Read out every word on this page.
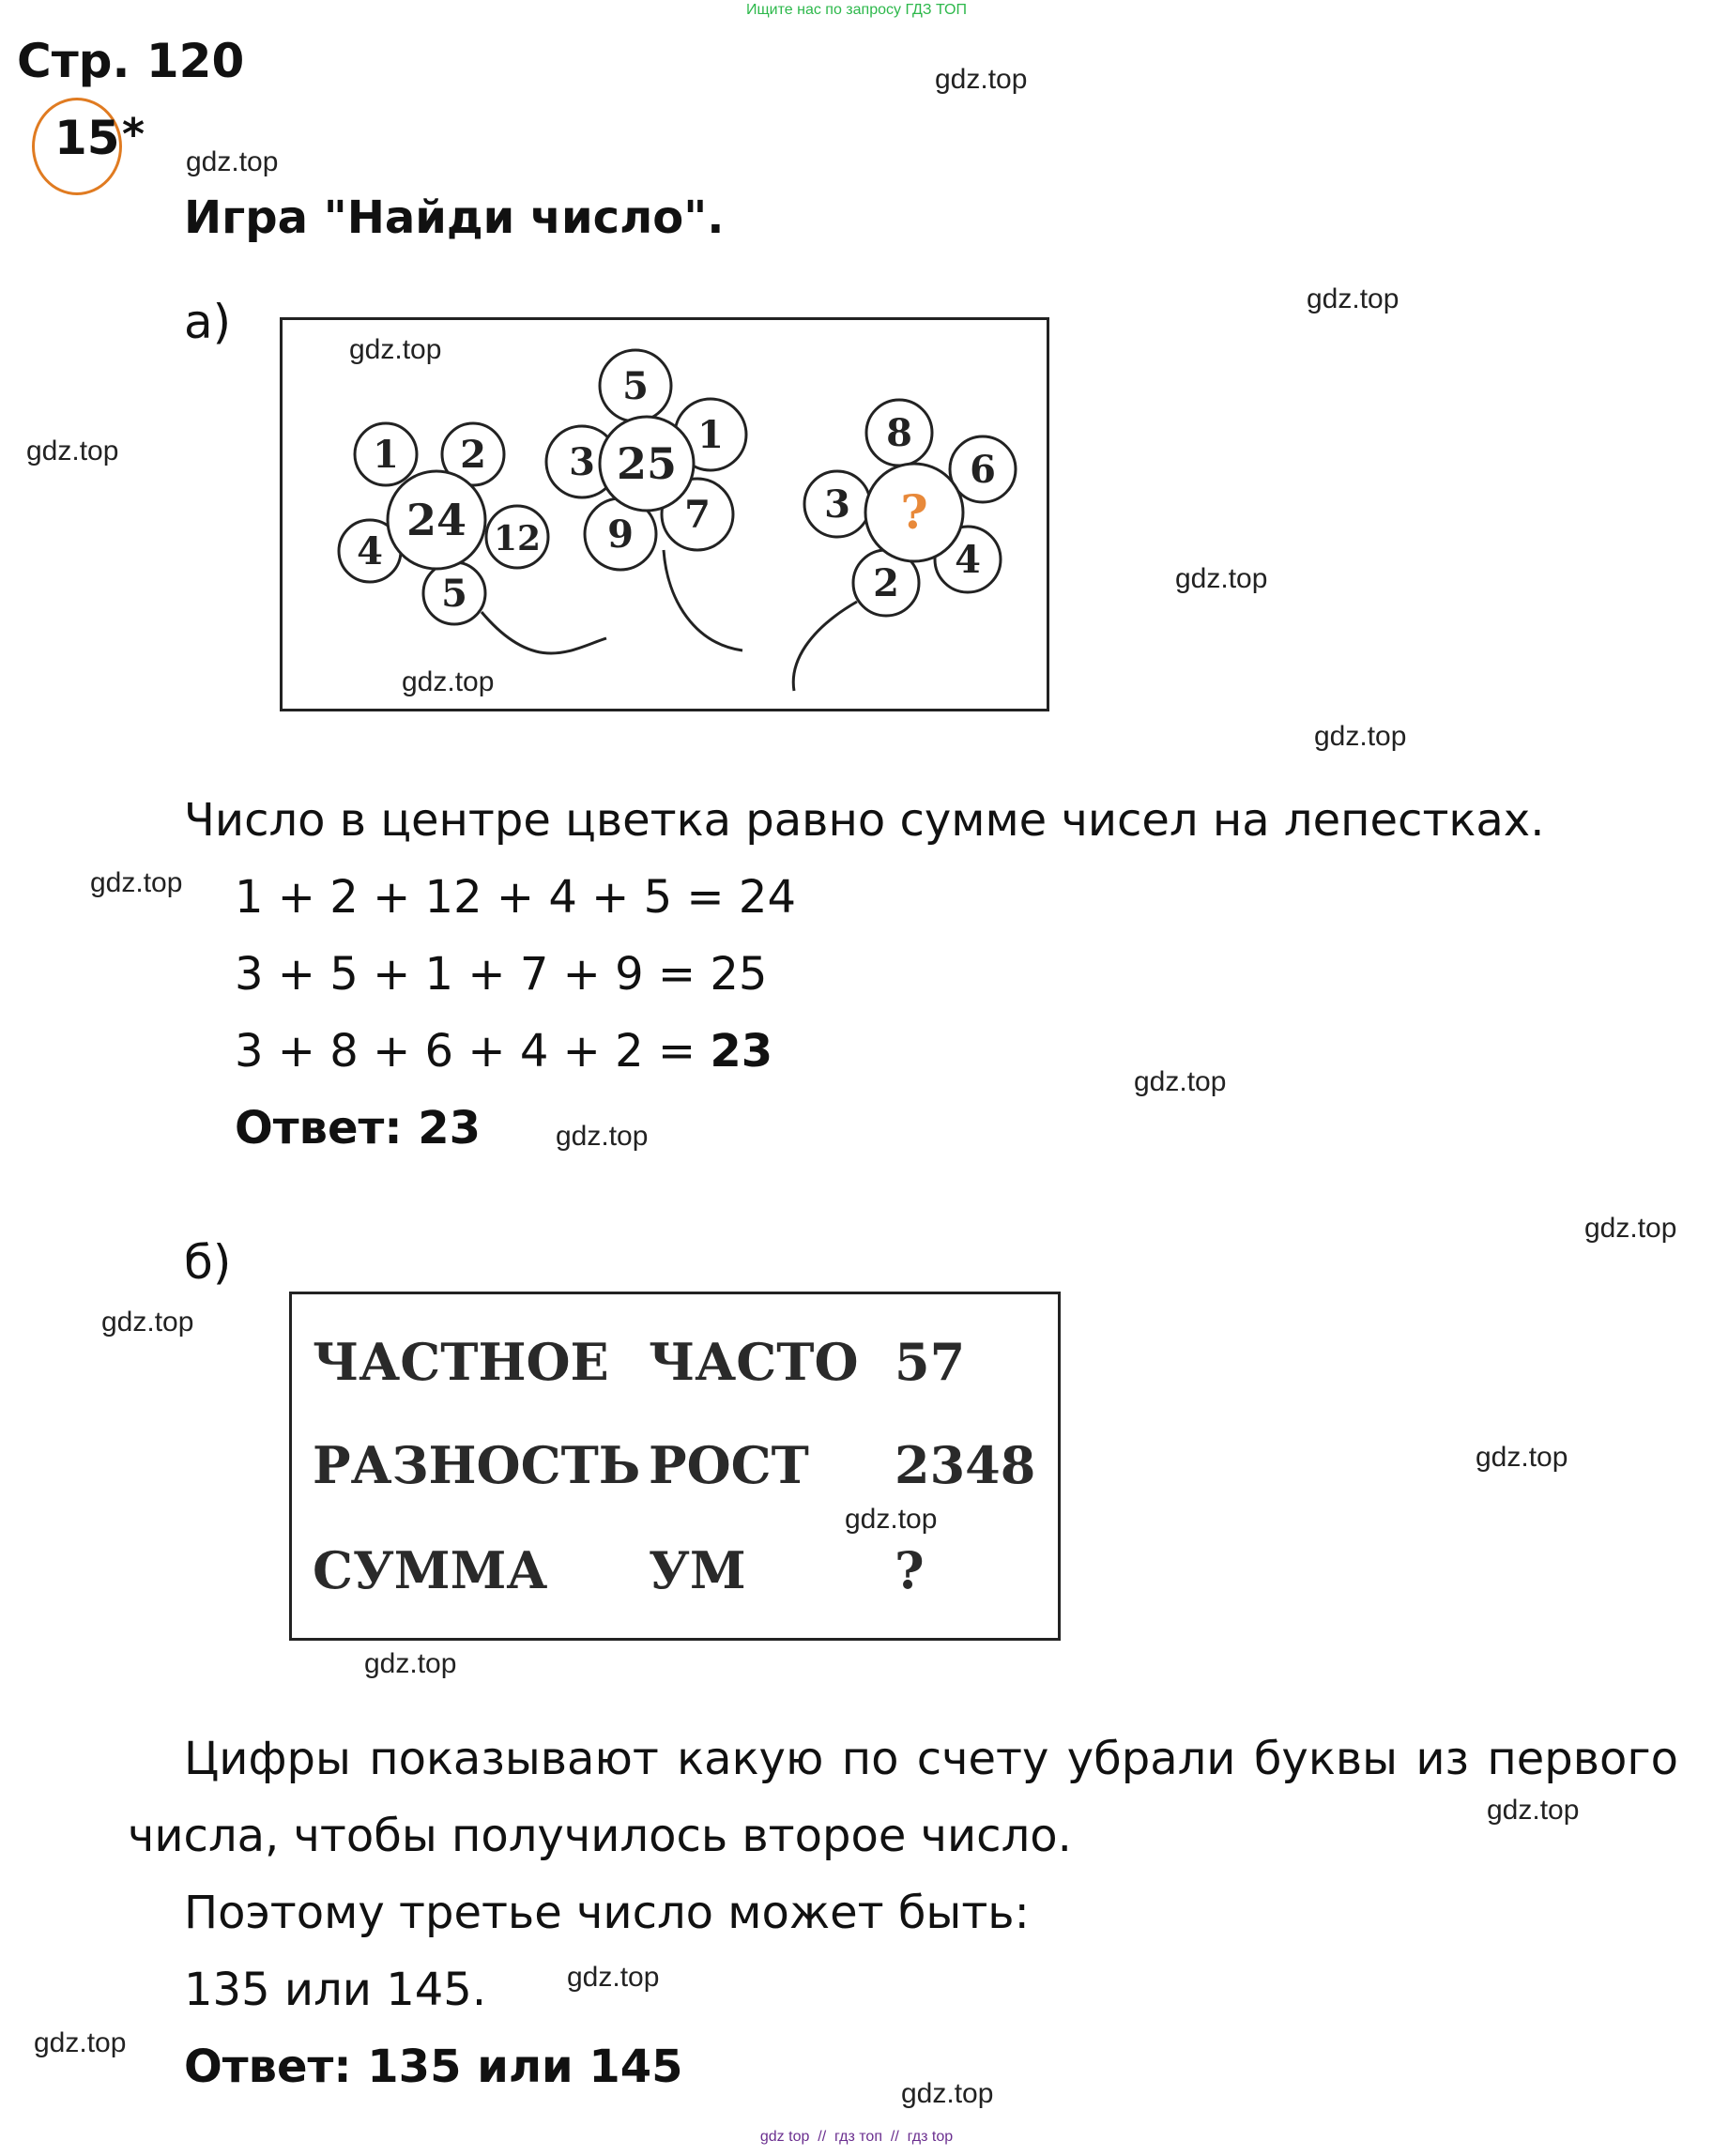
Ищите нас по запросу ГДЗ ТОП
Стр. 120
15 *
Игра "Найди число".
а)
1 2
12
5
4
24
5
1
7
9
3 25
8
6
4
2
3 ?
Число в центре цветка равно сумме чисел на лепестках.
1 + 2 + 12 + 4 + 5 = 24
3 + 5 + 1 + 7 + 9 = 25
3 + 8 + 6 + 4 + 2 = 23
Ответ: 23
б)
ЧАСТНОЕ ЧАСТО 57
РАЗНОСТЬ РОСТ 2348
СУММА УМ	?
Цифры показывают какую по счету убрали буквы из первого
числа, чтобы получилось второе число.
Поэтому третье число может быть:
135 или 145.
Ответ: 135 или 145
gdz.top
gdz.top
gdz.top
gdz.top
gdz.top
gdz.top
gdz.top
gdz.top
gdz.top
gdz.top
gdz.top
gdz.top
gdz.top
gdz.top
gdz.top
gdz.top
gdz.top
gdz.top
gdz.top
gdz.top
gdz top  //  гдз топ  //  гдз top
